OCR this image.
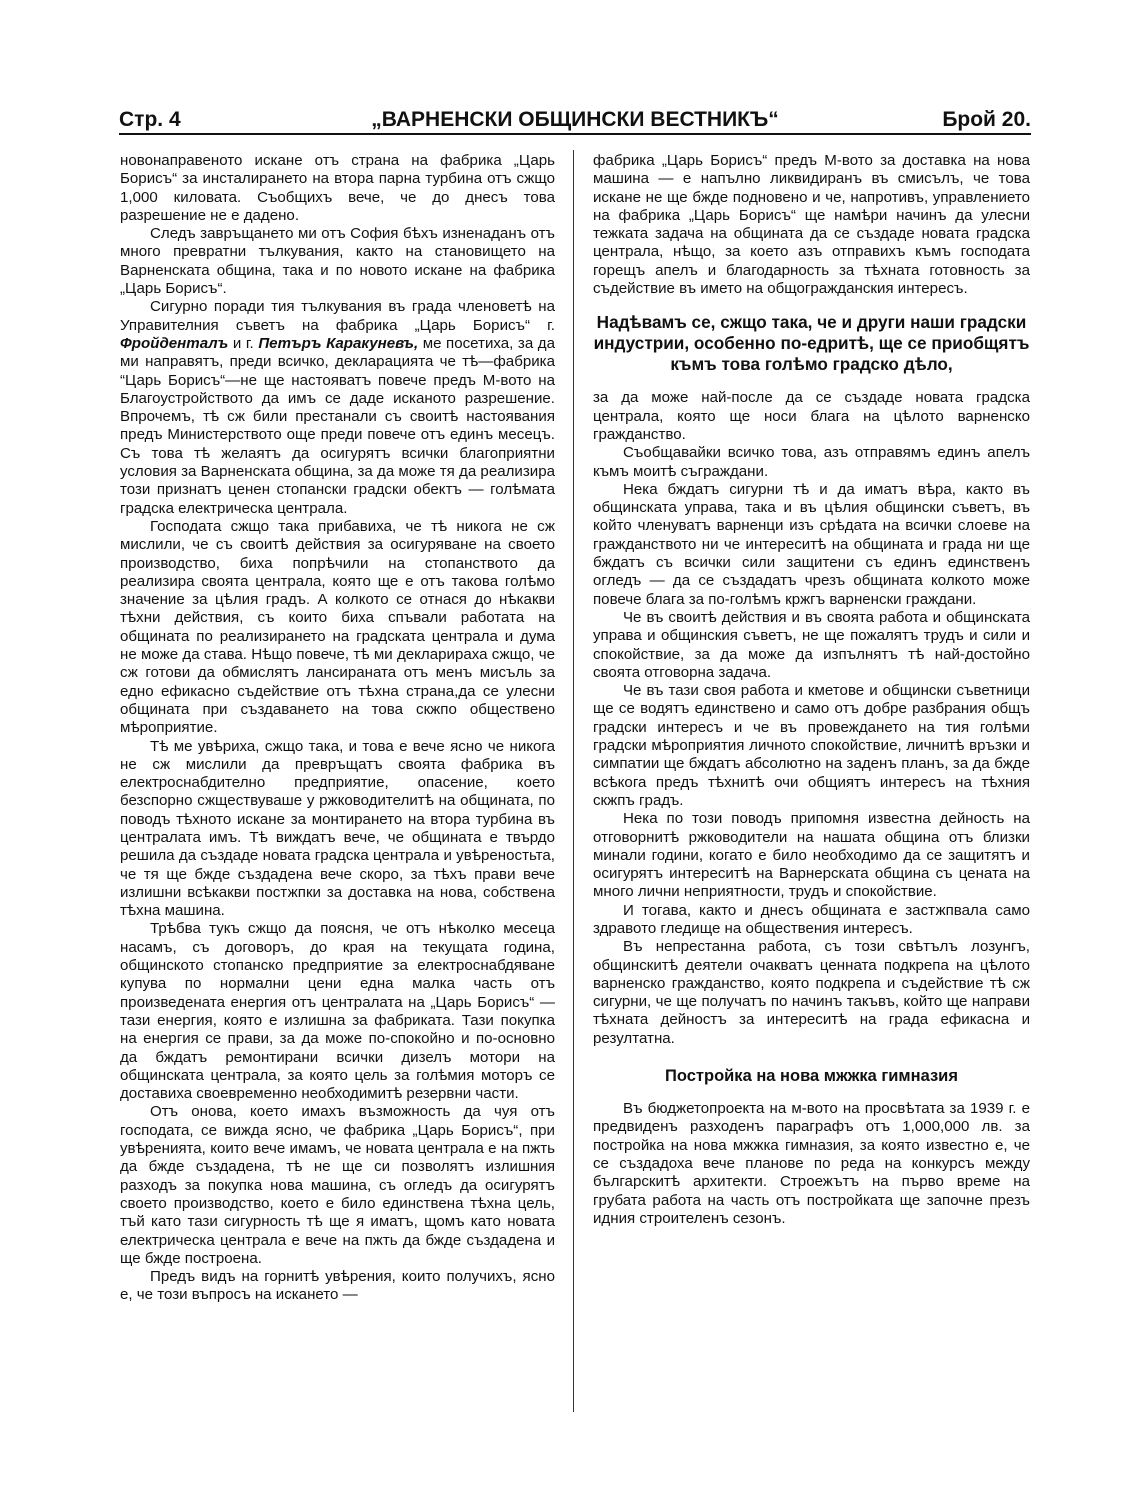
Стр. 4	„ВАРНЕНСКИ ОБЩИНСКИ ВЕСТНИКЪ“	Брой 20.

новонаправеното искане отъ страна на фабрика „Царь Борисъ“ за инсталирането на втора парна турбина отъ сжщо 1,000 киловата. Съобщихъ вече, че до днесъ това разрешение не е дадено.

Следъ завръщането ми отъ София бѣхъ изненаданъ отъ много превратни тълкувания, както на становището на Варненската община, така и по новото искане на фабрика „Царь Борисъ“.

Сигурно поради тия тълкувания въ града членоветѣ на Управителния съветъ на фабрика „Царь Борисъ“ г. Фройденталъ и г. Петъръ Каракуневъ, ме посетиха, за да ми направятъ, преди всичко, декларацията че тѣ—фабрика “Царь Борисъ“—не ще настояватъ повече предъ М-вото на Благоустройството да имъ се даде исканото разрешение. Впрочемъ, тѣ сж били престанали съ своитѣ настоявания предъ Министерството още преди повече отъ единъ месецъ. Съ това тѣ желаятъ да осигурятъ всички благоприятни условия за Варненската община, за да може тя да реализира този признатъ ценен стопански градски обектъ — голѣмата градска електрическа централа.

Господата сжщо така прибавиха, че тѣ никога не сж мислили, че съ своитѣ действия за осигуряване на своето производство, биха попрѣчили на стопанството да реализира своята централа, която ще е отъ такова голѣмо значение за цѣлия градъ. А колкото се отнася до нѣкакви тѣхни действия, съ които биха спъвали работата на общината по реализирането на градската централа и дума не може да става. Нѣщо повече, тѣ ми декларираха сжщо, че сж готови да обмислятъ лансираната отъ менъ мисъль за едно ефикасно съдействие отъ тѣхна страна,да се улесни общината при създаването на това скжпо обществено мѣроприятие.

Тѣ ме увѣриха, сжщо така, и това е вече ясно че никога не сж мислили да превръщатъ своята фабрика въ електроснабдително предприятие, опасение, което безспорно сжществуваше у ржководителитѣ на общината, по поводъ тѣхното искане за монтирането на втора турбина въ централата имъ. Тѣ виждатъ вече, че общината е твърдо решила да създаде новата градска централа и увѣреностьта, че тя ще бжде създадена вече скоро, за тѣхъ прави вече излишни всѣкакви постжпки за доставка на нова, собствена тѣхна машина.

Трѣбва тукъ сжщо да поясня, че отъ нѣколко месеца насамъ, съ договоръ, до края на текущата година, общинското стопанско предприятие за електроснабдяване купува по нормални цени една малка часть отъ произведената енергия отъ централата на „Царь Борисъ“ — тази енергия, която е излишна за фабриката. Тази покупка на енергия се прави, за да може по-спокойно и по-основно да бждатъ ремонтирани всички дизелъ мотори на общинската централа, за която цель за голѣмия моторъ се доставиха своевременно необходимитѣ резервни части.

Отъ онова, което имахъ възможность да чуя отъ господата, се вижда ясно, че фабрика „Царь Борисъ“, при увѣренията, които вече имамъ, че новата централа е на пжть да бжде създадена, тѣ не ще си позволятъ излишния разходъ за покупка нова машина, съ огледъ да осигурятъ своето производство, което е било единствена тѣхна цель, тъй като тази сигурность тѣ ще я иматъ, щомъ като новата електрическа централа е вече на пжть да бжде създадена и ще бжде построена.

Предъ видъ на горнитѣ увѣрения, които получихъ, ясно е, че този въпросъ на искането —

фабрика „Царь Борисъ“ предъ М-вото за доставка на нова машина — е напълно ликвидиранъ въ смисълъ, че това искане не ще бжде подновено и че, напротивъ, управлението на фабрика „Царь Борисъ“ ще намѣри начинъ да улесни тежката задача на общината да се създаде новата градска централа, нѣщо, за което азъ отправихъ къмъ господата горещъ апелъ и благодарность за тѣхната готовность за съдействие въ името на общогражданския интересъ.

Надѣвамъ се, сжщо така, че и други наши градски индустрии, особенно по-едритѣ, ще се приобщятъ къмъ това голѣмо градско дѣло,

за да може най-после да се създаде новата градска централа, която ще носи блага на цѣлото варненско гражданство.

Съобщавайки всичко това, азъ отправямъ единъ апелъ къмъ моитѣ съграждани.

Нека бждатъ сигурни тѣ и да иматъ вѣра, както въ общинската управа, така и въ цѣлия общински съветъ, въ който членуватъ варненци изъ срѣдата на всички слоеве на гражданството ни че интереситѣ на общината и града ни ще бждатъ съ всички сили защитени съ единъ единственъ огледъ — да се създадатъ чрезъ общината колкото може повече блага за по-голѣмъ кржгъ варненски граждани.

Че въ своитѣ действия и въ своята работа и общинската управа и общинския съветъ, не ще пожалятъ трудъ и сили и спокойствие, за да може да изпълнятъ тѣ най-достойно своята отговорна задача.

Че въ тази своя работа и кметове и общински съветници ще се водятъ единствено и само отъ добре разбрания общъ градски интересъ и че въ провеждането на тия голѣми градски мѣроприятия личното спокойствие, личнитѣ връзки и симпатии ще бждатъ абсолютно на заденъ планъ, за да бжде всѣкога предъ тѣхнитѣ очи общиятъ интересъ на тѣхния скжпъ градъ.

Нека по този поводъ припомня известна дейность на отговорнитѣ ржководители на нашата община отъ близки минали години, когато е било необходимо да се защитятъ и осигурятъ интереситѣ на Варнерската община съ цената на много лични неприятности, трудъ и спокойствие.

И тогава, както и днесъ общината е застжпвала само здравото гледище на обществения интересъ.

Въ непрестанна работа, съ този свѣтълъ лозунгъ, общинскитѣ деятели очакватъ ценната подкрепа на цѣлото варненско гражданство, която подкрепа и съдействие тѣ сж сигурни, че ще получатъ по начинъ такъвъ, който ще направи тѣхната дейностъ за интереситѣ на града ефикасна и резултатна.

Постройка на нова мжжка гимназия

Въ бюджетопроекта на м-вото на просвѣтата за 1939 г. е предвиденъ разходенъ параграфъ отъ 1,000,000 лв. за постройка на нова мжжка гимназия, за която известно е, че се създадоха вече планове по реда на конкурсъ между българскитѣ архитекти. Строежътъ на първо време на грубата работа на часть отъ постройката ще започне презъ идния строителенъ сезонъ.
